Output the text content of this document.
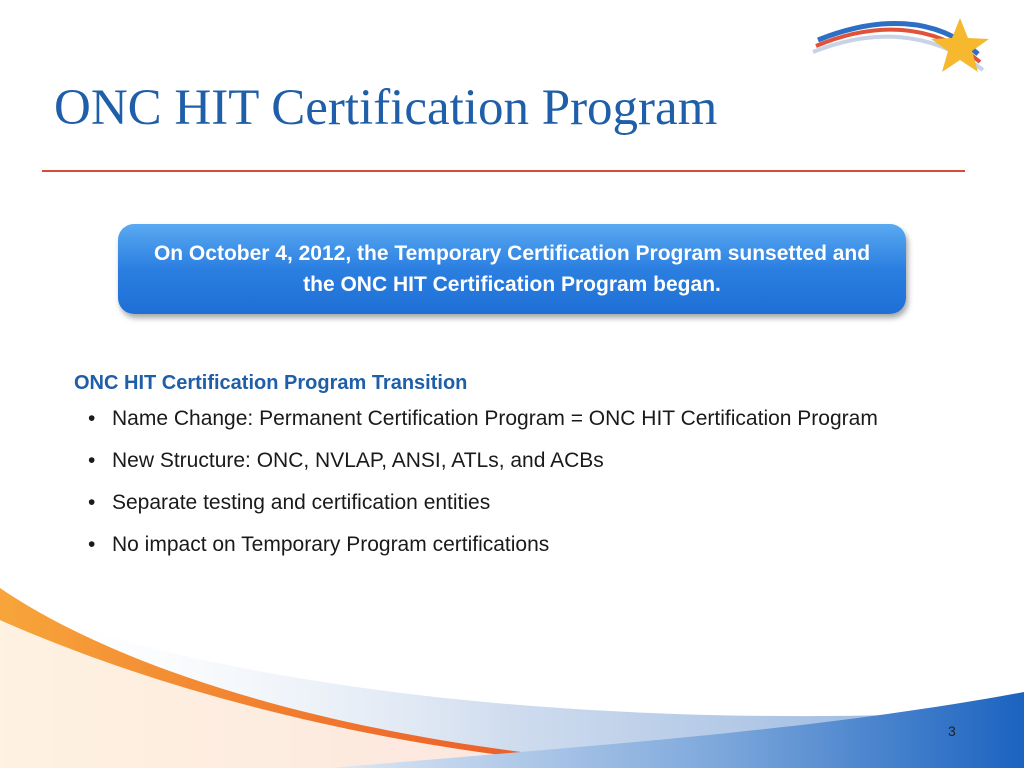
ONC HIT Certification Program

On October 4, 2012, the Temporary Certification Program sunsetted and the ONC HIT Certification Program began.

ONC HIT Certification Program Transition
• Name Change: Permanent Certification Program = ONC HIT Certification Program
• New Structure: ONC, NVLAP, ANSI, ATLs, and ACBs
• Separate testing and certification entities
• No impact on Temporary Program certifications
3
